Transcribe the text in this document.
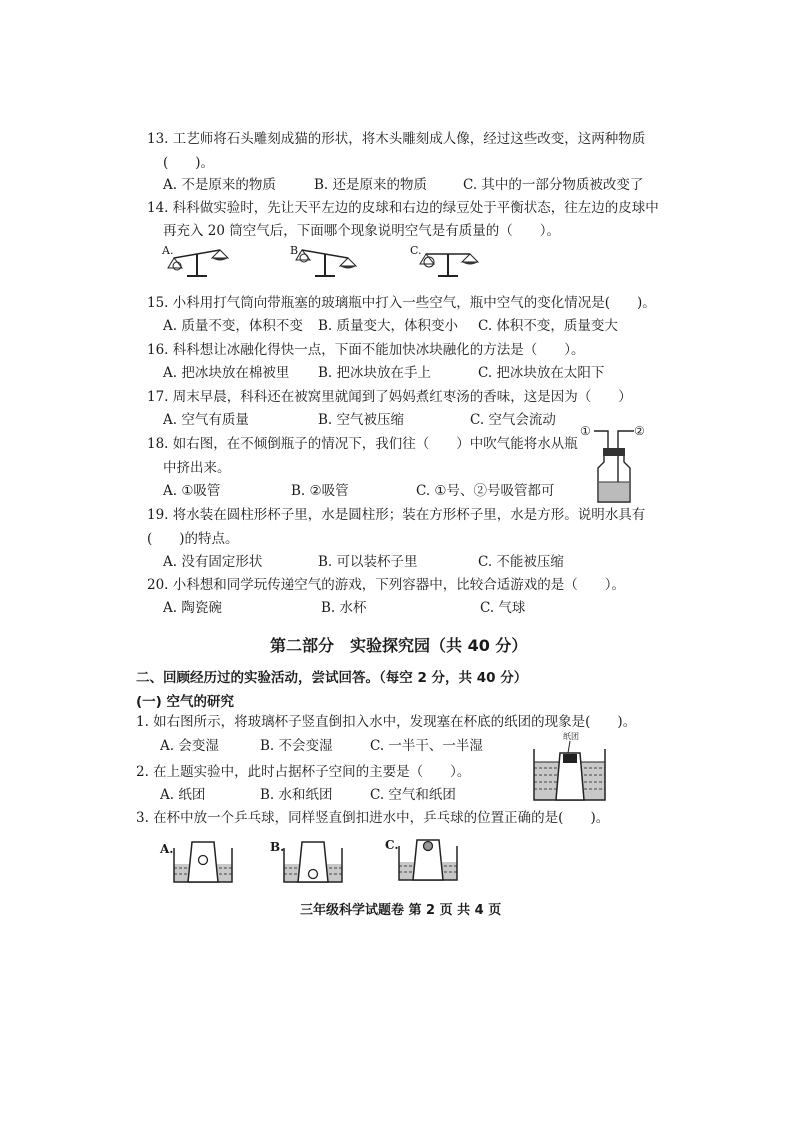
13. 工艺师将石头雕刻成猫的形状，将木头雕刻成人像，经过这些改变，这两种物质
(　　)。
A. 不是原来的物质	B. 还是原来的物质	C. 其中的一部分物质被改变了
14. 科科做实验时，先让天平左边的皮球和右边的绿豆处于平衡状态，往左边的皮球中
再充入 20 筒空气后，下面哪个现象说明空气是有质量的（　　）。
A.	B.	C.
15. 小科用打气筒向带瓶塞的玻璃瓶中打入一些空气，瓶中空气的变化情况是(　　)。
A. 质量不变，体积不变 B. 质量变大，体积变小 C. 体积不变，质量变大
16. 科科想让冰融化得快一点，下面不能加快冰块融化的方法是（　　）。
A. 把冰块放在棉被里 B. 把冰块放在手上	C. 把冰块放在太阳下
17. 周末早晨，科科还在被窝里就闻到了妈妈煮红枣汤的香味，这是因为（　　）
A. 空气有质量	B. 空气被压缩	C. 空气会流动
18. 如右图，在不倾倒瓶子的情况下，我们往（　　）中吹气能将水从瓶
中挤出来。
A. ①吸管	B. ②吸管	C. ①号、②号吸管都可
①	②
19. 将水装在圆柱形杯子里，水是圆柱形；装在方形杯子里，水是方形。说明水具有
(　　)的特点。
A. 没有固定形状	B. 可以装杯子里	C. 不能被压缩
20. 小科想和同学玩传递空气的游戏，下列容器中，比较合适游戏的是（　　）。
A. 陶瓷碗	B. 水杯	C. 气球
第二部分　实验探究园（共 40 分）
二、回顾经历过的实验活动，尝试回答。（每空 2 分，共 40 分）
(一) 空气的研究
1. 如右图所示，将玻璃杯子竖直倒扣入水中，发现塞在杯底的纸团的现象是(　　)。
A. 会变湿	B. 不会变湿	C. 一半干、一半湿
纸团
2. 在上题实验中，此时占据杯子空间的主要是（　　）。
A. 纸团	B. 水和纸团	C. 空气和纸团
3. 在杯中放一个乒乓球，同样竖直倒扣进水中，乒乓球的位置正确的是(　　)。
A.	B.	C.
三年级科学试题卷 第 2 页 共 4 页
